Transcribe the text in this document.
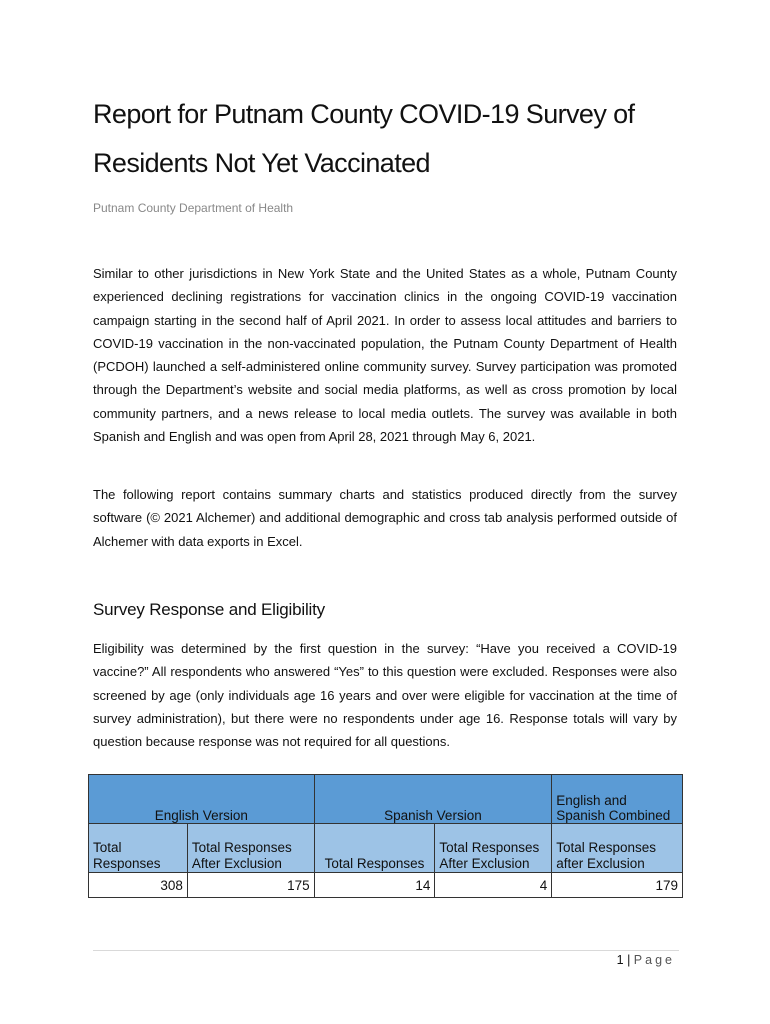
Report for Putnam County COVID-19 Survey of Residents Not Yet Vaccinated

Putnam County Department of Health

Similar to other jurisdictions in New York State and the United States as a whole, Putnam County experienced declining registrations for vaccination clinics in the ongoing COVID-19 vaccination campaign starting in the second half of April 2021. In order to assess local attitudes and barriers to COVID-19 vaccination in the non-vaccinated population, the Putnam County Department of Health (PCDOH) launched a self-administered online community survey. Survey participation was promoted through the Department’s website and social media platforms, as well as cross promotion by local community partners, and a news release to local media outlets. The survey was available in both Spanish and English and was open from April 28, 2021 through May 6, 2021.

The following report contains summary charts and statistics produced directly from the survey software (© 2021 Alchemer) and additional demographic and cross tab analysis performed outside of Alchemer with data exports in Excel.

Survey Response and Eligibility

Eligibility was determined by the first question in the survey: “Have you received a COVID-19 vaccine?” All respondents who answered “Yes” to this question were excluded. Responses were also screened by age (only individuals age 16 years and over were eligible for vaccination at the time of survey administration), but there were no respondents under age 16. Response totals will vary by question because response was not required for all questions.

English Version		Spanish Version		English and Spanish Combined
Total Responses	Total Responses After Exclusion	Total Responses	Total Responses After Exclusion	Total Responses after Exclusion
308	175	14	4	179
1 | Page
